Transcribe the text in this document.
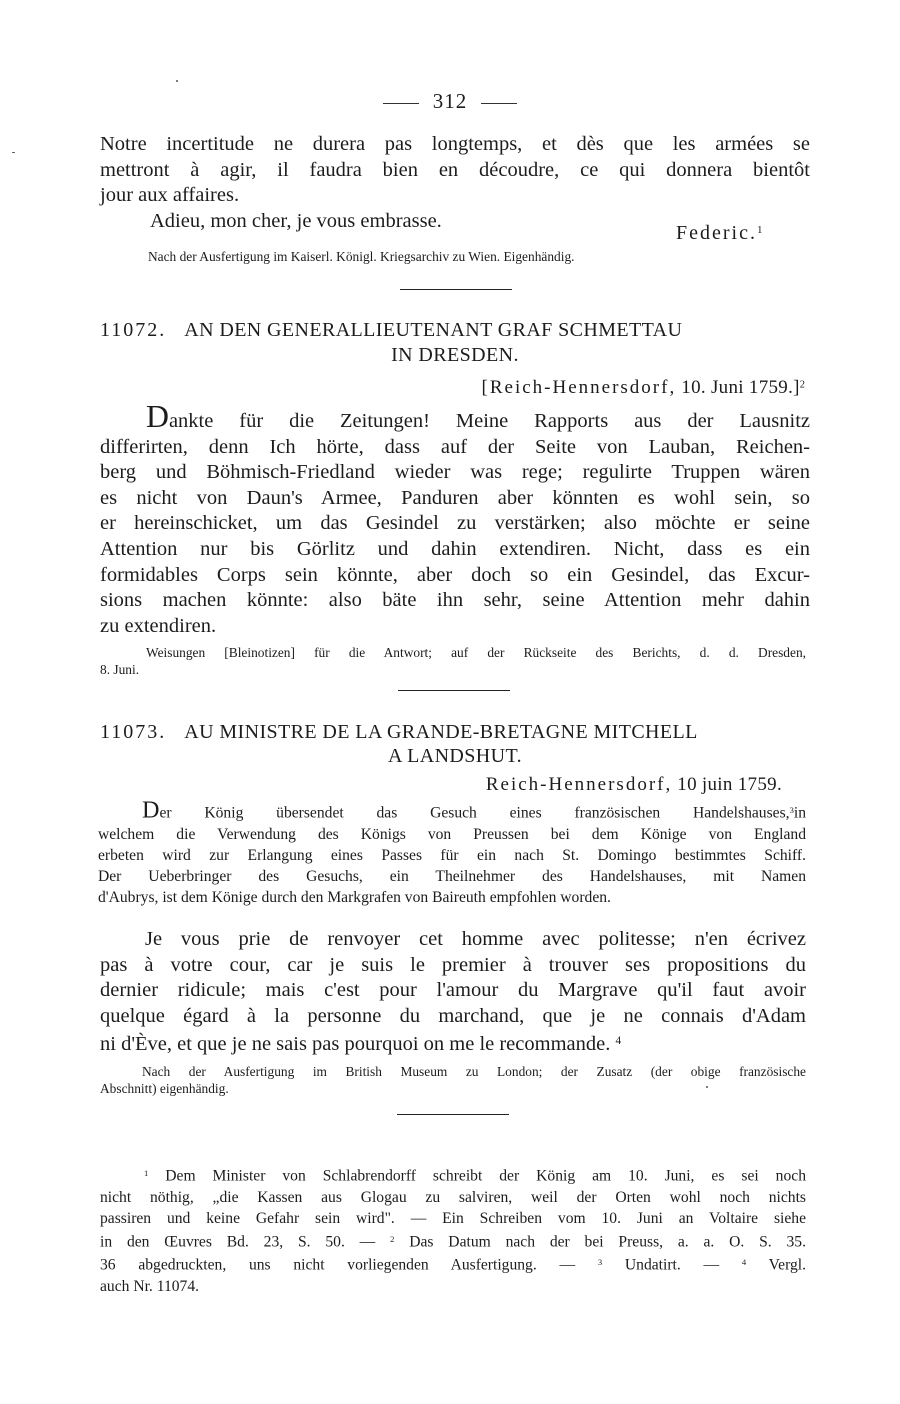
312
Notre incertitude ne durera pas longtemps, et dès que les armées se
mettront à agir, il faudra bien en découdre, ce qui donnera bientôt
jour aux affaires.
Adieu, mon cher, je vous embrasse.
Federic.$^1$
Nach der Ausfertigung im Kaiserl. Königl. Kriegsarchiv zu Wien. Eigenhändig.
11072. AN DEN GENERALLIEUTENANT GRAF SCHMETTAU
IN DRESDEN.
[Reich-Hennersdorf, 10. Juni 1759.]$^2$
Dankte für die Zeitungen! Meine Rapports aus der Lausnitz
differirten, denn Ich hörte, dass auf der Seite von Lauban, Reichen-
berg und Böhmisch-Friedland wieder was rege; regulirte Truppen wären
es nicht von Daun's Armee, Panduren aber könnten es wohl sein, so
er hereinschicket, um das Gesindel zu verstärken; also möchte er seine
Attention nur bis Görlitz und dahin extendiren. Nicht, dass es ein
formidables Corps sein könnte, aber doch so ein Gesindel, das Excur-
sions machen könnte: also bäte ihn sehr, seine Attention mehr dahin
zu extendiren.
Weisungen [Bleinotizen] für die Antwort; auf der Rückseite des Berichts, d. d. Dresden,
8. Juni.
11073. AU MINISTRE DE LA GRANDE-BRETAGNE MITCHELL
A LANDSHUT.
Reich-Hennersdorf, 10 juin 1759.
Der König übersendet das Gesuch eines französischen Handelshauses,$^3$in
welchem die Verwendung des Königs von Preussen bei dem Könige von England
erbeten wird zur Erlangung eines Passes für ein nach St. Domingo bestimmtes Schiff.
Der Ueberbringer des Gesuchs, ein Theilnehmer des Handelshauses, mit Namen
d'Aubrys, ist dem Könige durch den Markgrafen von Baireuth empfohlen worden.
Je vous prie de renvoyer cet homme avec politesse; n'en écrivez
pas à votre cour, car je suis le premier à trouver ses propositions du
dernier ridicule; mais c'est pour l'amour du Margrave qu'il faut avoir
quelque égard à la personne du marchand, que je ne connais d'Adam
ni d'Ève, et que je ne sais pas pourquoi on me le recommande. $^4$
Nach der Ausfertigung im British Museum zu London; der Zusatz (der obige französische
Abschnitt) eigenhändig.
$^1$ Dem Minister von Schlabrendorff schreibt der König am 10. Juni, es sei noch
nicht nöthig, „die Kassen aus Glogau zu salviren, weil der Orten wohl noch nichts
passiren und keine Gefahr sein wird". — Ein Schreiben vom 10. Juni an Voltaire siehe
in den Œuvres Bd. 23, S. 50. — $^2$ Das Datum nach der bei Preuss, a. a. O. S. 35.
36 abgedruckten, uns nicht vorliegenden Ausfertigung. —	$^3$ Undatirt. —	$^4$ Vergl.
auch Nr. 11074.
